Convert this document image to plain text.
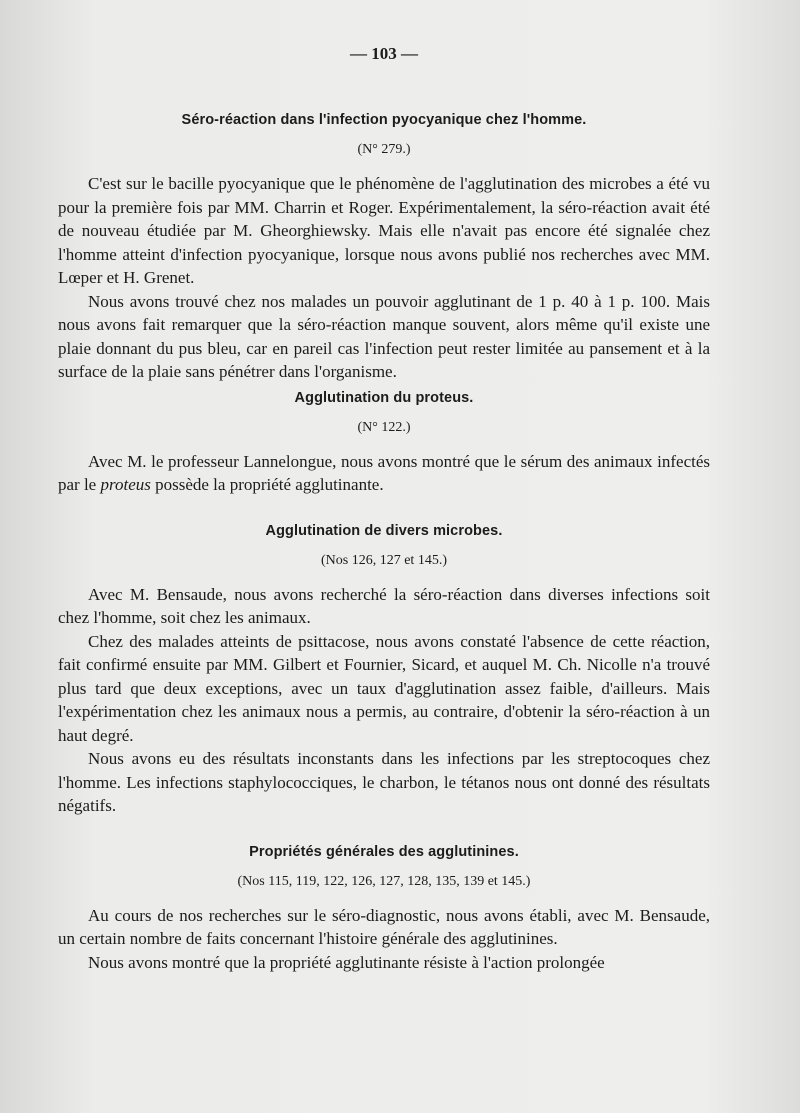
— 103 —
Séro-réaction dans l'infection pyocyanique chez l'homme.
(N° 279.)

C'est sur le bacille pyocyanique que le phénomène de l'agglutination des microbes a été vu pour la première fois par MM. Charrin et Roger. Expérimentalement, la séro-réaction avait été de nouveau étudiée par M. Gheorghiewsky. Mais elle n'avait pas encore été signalée chez l'homme atteint d'infection pyocyanique, lorsque nous avons publié nos recherches avec MM. Lœper et H. Grenet.

Nous avons trouvé chez nos malades un pouvoir agglutinant de 1 p. 40 à 1 p. 100. Mais nous avons fait remarquer que la séro-réaction manque souvent, alors même qu'il existe une plaie donnant du pus bleu, car en pareil cas l'infection peut rester limitée au pansement et à la surface de la plaie sans pénétrer dans l'organisme.

Agglutination du proteus.
(N° 122.)

Avec M. le professeur Lannelongue, nous avons montré que le sérum des animaux infectés par le proteus possède la propriété agglutinante.

Agglutination de divers microbes.
(Nos 126, 127 et 145.)

Avec M. Bensaude, nous avons recherché la séro-réaction dans diverses infections soit chez l'homme, soit chez les animaux.

Chez des malades atteints de psittacose, nous avons constaté l'absence de cette réaction, fait confirmé ensuite par MM. Gilbert et Fournier, Sicard, et auquel M. Ch. Nicolle n'a trouvé plus tard que deux exceptions, avec un taux d'agglutination assez faible, d'ailleurs. Mais l'expérimentation chez les animaux nous a permis, au contraire, d'obtenir la séro-réaction à un haut degré.

Nous avons eu des résultats inconstants dans les infections par les streptocoques chez l'homme. Les infections staphylococciques, le charbon, le tétanos nous ont donné des résultats négatifs.

Propriétés générales des agglutinines.
(Nos 115, 119, 122, 126, 127, 128, 135, 139 et 145.)

Au cours de nos recherches sur le séro-diagnostic, nous avons établi, avec M. Bensaude, un certain nombre de faits concernant l'histoire générale des agglutinines.

Nous avons montré que la propriété agglutinante résiste à l'action prolongée
